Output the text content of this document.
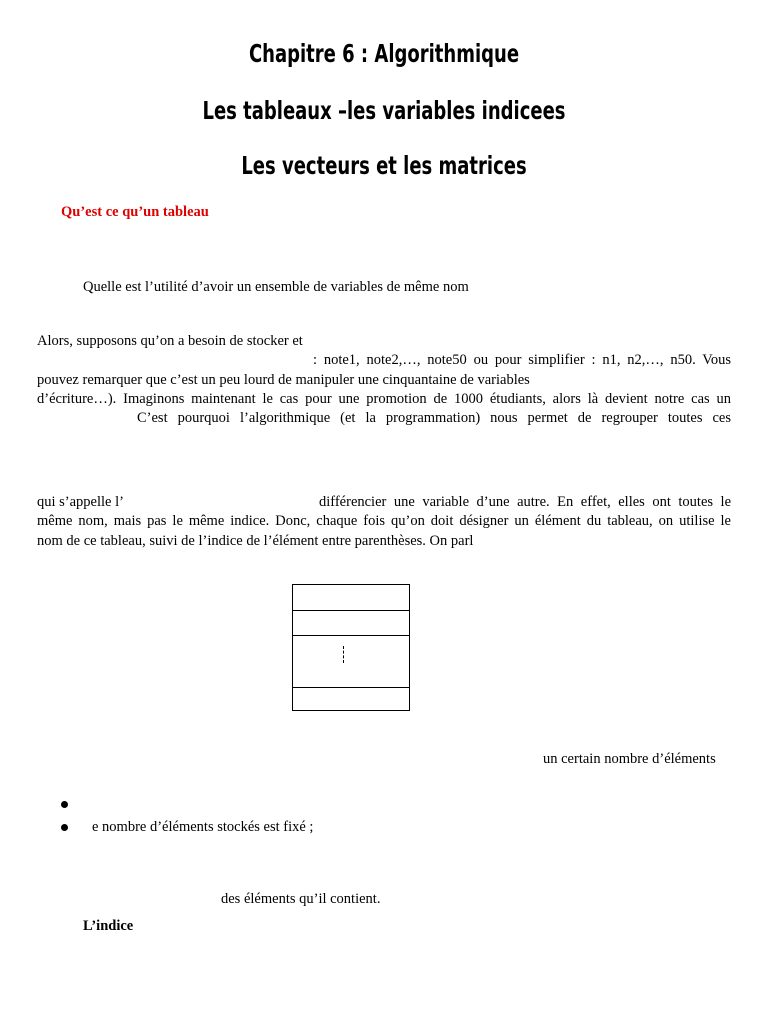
Chapitre 6 : Algorithmique
Les tableaux –les variables indicees
Les vecteurs et les matrices
Qu’est ce qu’un tableau
Quelle est l’utilité d’avoir un ensemble de variables de même nom
Alors, supposons qu’on a besoin de stocker et
: note1, note2,…, note50 ou pour simplifier : n1, n2,…, n50. Vous
pouvez remarquer que c’est un peu lourd de manipuler une cinquantaine de variables
d’écriture…). Imaginons maintenant le cas pour une promotion de 1000 étudiants, alors là devient notre cas un
C’est pourquoi l’algorithmique (et la programmation) nous permet de regrouper toutes ces
qui s’appelle l’	différencier une variable d’une autre. En effet, elles ont toutes le
même nom, mais pas le même indice. Donc, chaque fois qu’on doit désigner un élément du tableau, on utilise le
nom de ce tableau, suivi de l’indice de l’élément entre parenthèses. On parl
un certain nombre d’éléments
e nombre d’éléments stockés est fixé ;
des éléments qu’il contient.
L’indice
